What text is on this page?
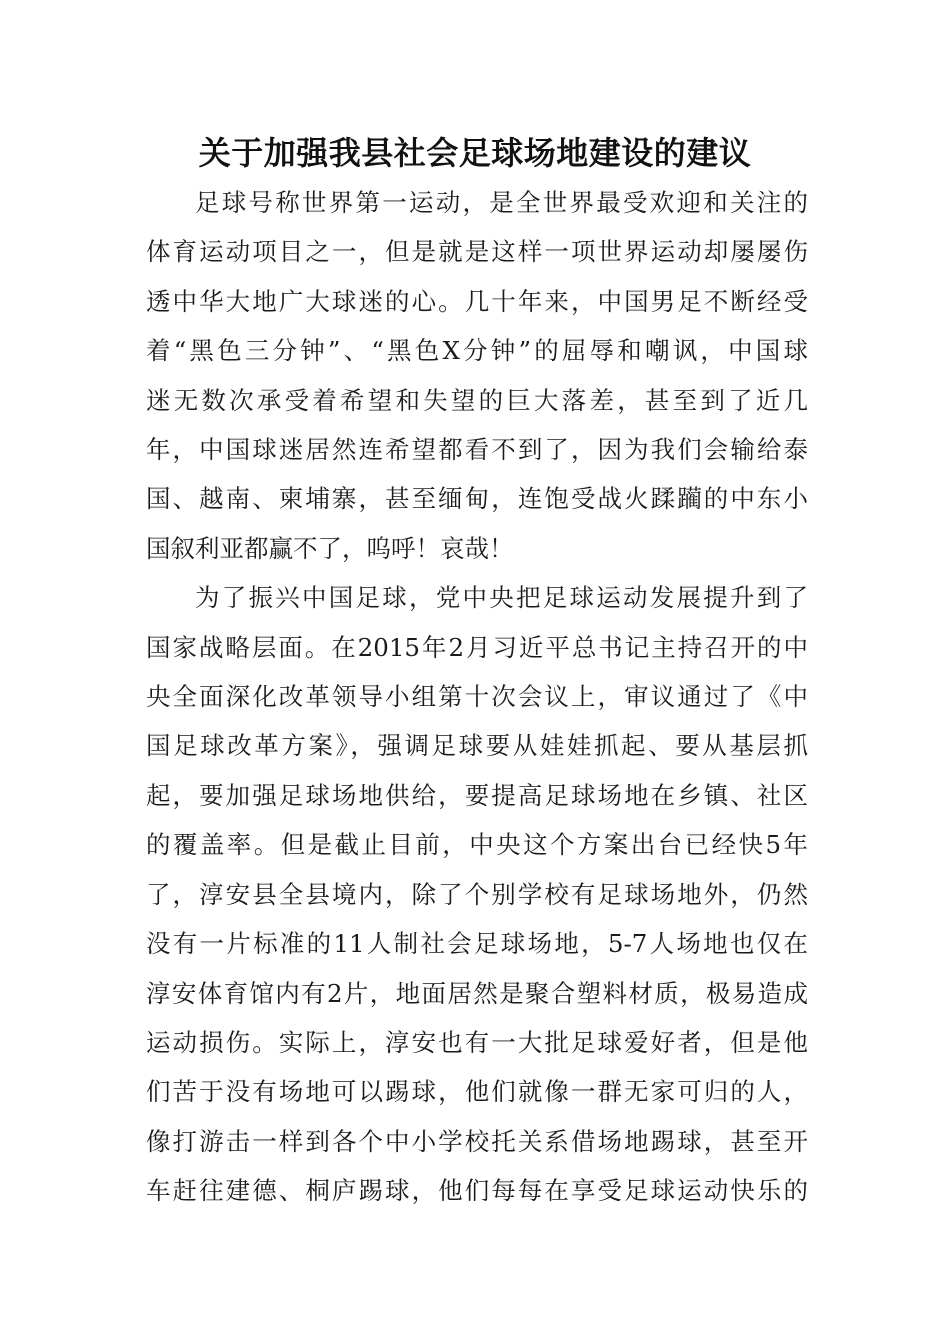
关于加强我县社会足球场地建设的建议

足球号称世界第一运动，是全世界最受欢迎和关注的
体育运动项目之一，但是就是这样一项世界运动却屡屡伤
透中华大地广大球迷的心。几十年来，中国男足不断经受
着“黑色三分钟”、“黑色X分钟”的屈辱和嘲讽，中国球
迷无数次承受着希望和失望的巨大落差，甚至到了近几
年，中国球迷居然连希望都看不到了，因为我们会输给泰
国、越南、柬埔寨，甚至缅甸，连饱受战火蹂躏的中东小
国叙利亚都赢不了，呜呼！哀哉！

为了振兴中国足球，党中央把足球运动发展提升到了
国家战略层面。在2015年2月习近平总书记主持召开的中
央全面深化改革领导小组第十次会议上，审议通过了《中
国足球改革方案》，强调足球要从娃娃抓起、要从基层抓
起，要加强足球场地供给，要提高足球场地在乡镇、社区
的覆盖率。但是截止目前，中央这个方案出台已经快5年
了，淳安县全县境内，除了个别学校有足球场地外，仍然
没有一片标准的11人制社会足球场地，5-7人场地也仅在
淳安体育馆内有2片，地面居然是聚合塑料材质，极易造成
运动损伤。实际上，淳安也有一大批足球爱好者，但是他
们苦于没有场地可以踢球，他们就像一群无家可归的人，
像打游击一样到各个中小学校托关系借场地踢球，甚至开
车赶往建德、桐庐踢球，他们每每在享受足球运动快乐的
